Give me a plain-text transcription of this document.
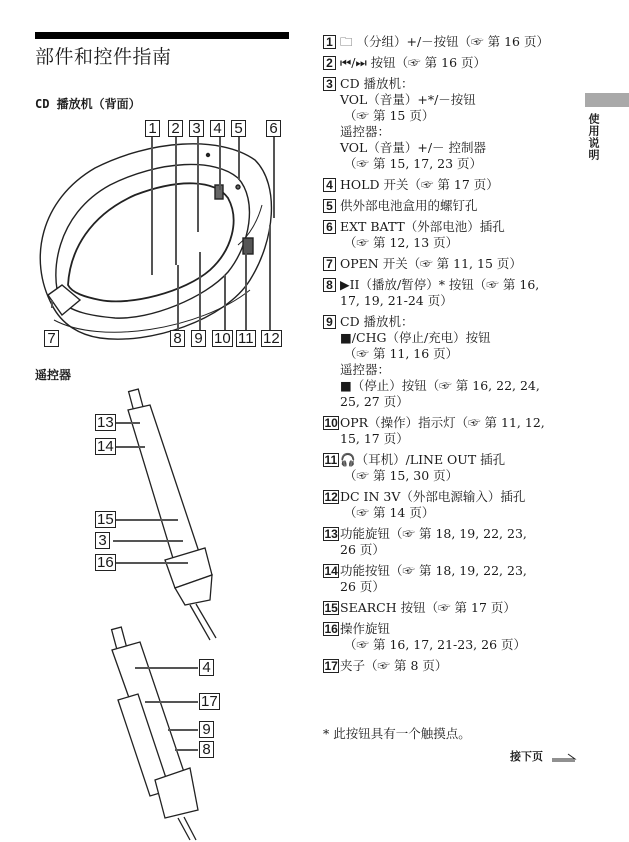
部件和控件指南
使用说明
CD 播放机（背面）
遥控器
1 2 3 4 5 6
7	8 9 10 11 12
13
14
15
3
16
4
17
9
8
1 🗀 （分组）+/－按钮（☞ 第 16 页）
2 ⏮/⏭ 按钮（☞ 第 16 页）
3 CD 播放机：
VOL（音量）+*/－按钮
（☞ 第 15 页）
遥控器：
VOL（音量）+/－ 控制器
（☞ 第 15, 17, 23 页）
4 HOLD 开关（☞ 第 17 页）
5 供外部电池盒用的螺钉孔
6 EXT BATT（外部电池）插孔
（☞ 第 12, 13 页）
7 OPEN 开关（☞ 第 11, 15 页）
8 ▶II（播放/暂停）* 按钮（☞ 第 16,
17, 19, 21-24 页）
9 CD 播放机：
■/CHG（停止/充电）按钮
（☞ 第 11, 16 页）
遥控器：
■（停止）按钮（☞ 第 16, 22, 24,
25, 27 页）
10 OPR（操作）指示灯（☞ 第 11, 12,
15, 17 页）
11 🎧（耳机）/LINE OUT 插孔
（☞ 第 15, 30 页）
12 DC IN 3V（外部电源输入）插孔
（☞ 第 14 页）
13 功能旋钮（☞ 第 18, 19, 22, 23,
26 页）
14 功能按钮（☞ 第 18, 19, 22, 23,
26 页）
15 SEARCH 按钮（☞ 第 17 页）
16 操作旋钮
（☞ 第 16, 17, 21-23, 26 页）
17 夹子（☞ 第 8 页）
* 此按钮具有一个触摸点。
接下页
